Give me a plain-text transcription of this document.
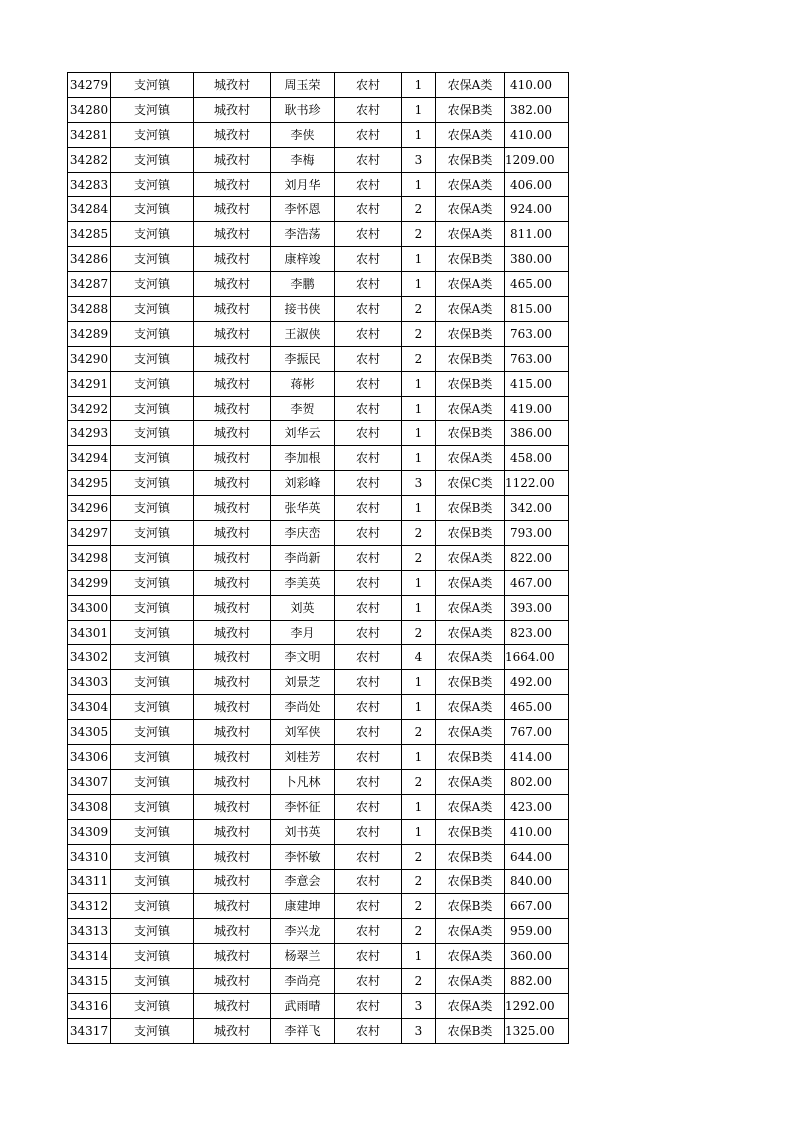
34279	支河镇	城孜村	周玉荣	农村	1	农保A类	410.00
34280	支河镇	城孜村	耿书珍	农村	1	农保B类	382.00
34281	支河镇	城孜村	李侠	农村	1	农保A类	410.00
34282	支河镇	城孜村	李梅	农村	3	农保B类	1209.00
34283	支河镇	城孜村	刘月华	农村	1	农保A类	406.00
34284	支河镇	城孜村	李怀恩	农村	2	农保A类	924.00
34285	支河镇	城孜村	李浩荡	农村	2	农保A类	811.00
34286	支河镇	城孜村	康梓竣	农村	1	农保B类	380.00
34287	支河镇	城孜村	李鹏	农村	1	农保A类	465.00
34288	支河镇	城孜村	接书侠	农村	2	农保A类	815.00
34289	支河镇	城孜村	王淑侠	农村	2	农保B类	763.00
34290	支河镇	城孜村	李振民	农村	2	农保B类	763.00
34291	支河镇	城孜村	蒋彬	农村	1	农保B类	415.00
34292	支河镇	城孜村	李贺	农村	1	农保A类	419.00
34293	支河镇	城孜村	刘华云	农村	1	农保B类	386.00
34294	支河镇	城孜村	李加根	农村	1	农保A类	458.00
34295	支河镇	城孜村	刘彩峰	农村	3	农保C类	1122.00
34296	支河镇	城孜村	张华英	农村	1	农保B类	342.00
34297	支河镇	城孜村	李庆峦	农村	2	农保B类	793.00
34298	支河镇	城孜村	李尚新	农村	2	农保A类	822.00
34299	支河镇	城孜村	李美英	农村	1	农保A类	467.00
34300	支河镇	城孜村	刘英	农村	1	农保A类	393.00
34301	支河镇	城孜村	李月	农村	2	农保A类	823.00
34302	支河镇	城孜村	李文明	农村	4	农保A类	1664.00
34303	支河镇	城孜村	刘景芝	农村	1	农保B类	492.00
34304	支河镇	城孜村	李尚处	农村	1	农保A类	465.00
34305	支河镇	城孜村	刘军侠	农村	2	农保A类	767.00
34306	支河镇	城孜村	刘桂芳	农村	1	农保B类	414.00
34307	支河镇	城孜村	卜凡林	农村	2	农保A类	802.00
34308	支河镇	城孜村	李怀征	农村	1	农保A类	423.00
34309	支河镇	城孜村	刘书英	农村	1	农保B类	410.00
34310	支河镇	城孜村	李怀敏	农村	2	农保B类	644.00
34311	支河镇	城孜村	李意会	农村	2	农保B类	840.00
34312	支河镇	城孜村	康建坤	农村	2	农保B类	667.00
34313	支河镇	城孜村	李兴龙	农村	2	农保A类	959.00
34314	支河镇	城孜村	杨翠兰	农村	1	农保A类	360.00
34315	支河镇	城孜村	李尚亮	农村	2	农保A类	882.00
34316	支河镇	城孜村	武雨晴	农村	3	农保A类	1292.00
34317	支河镇	城孜村	李祥飞	农村	3	农保B类	1325.00
